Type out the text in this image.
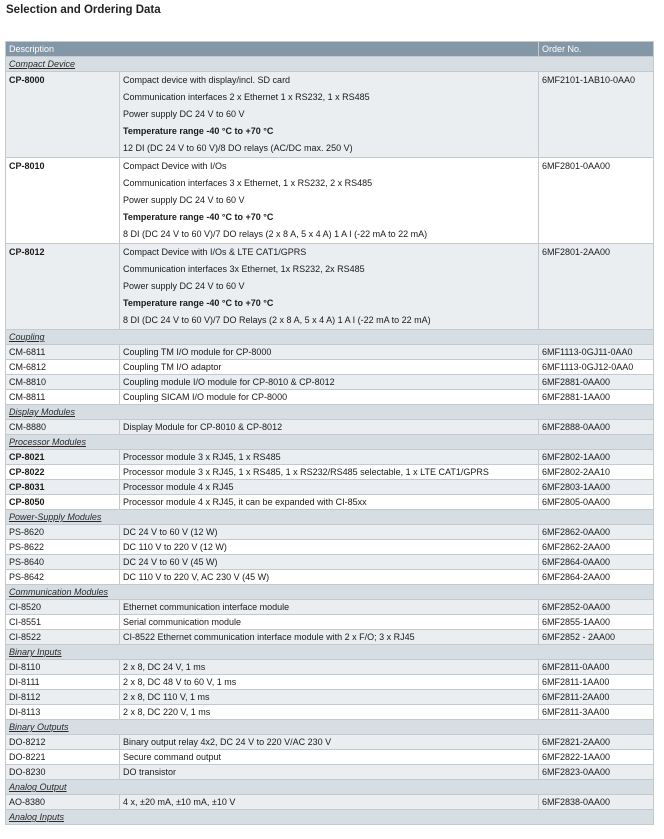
Selection and Ordering Data
Description		Order No.
Compact Device		
CP-8000	Compact device with display/incl. SD card
Communication interfaces 2 x Ethernet 1 x RS232, 1 x RS485
Power supply DC 24 V to 60 V
Temperature range -40 °C to +70 °C
12 DI (DC 24 V to 60 V)/8 DO relays (AC/DC max. 250 V)	6MF2101-1AB10-0AA0
CP-8010	Compact Device with I/Os
Communication interfaces 3 x Ethernet, 1 x RS232, 2 x RS485
Power supply DC 24 V to 60 V
Temperature range -40 °C to +70 °C
8 DI (DC 24 V to 60 V)/7 DO relays (2 x 8 A, 5 x 4 A) 1 A I (-22 mA to 22 mA)	6MF2801-0AA00
CP-8012	Compact Device with I/Os & LTE CAT1/GPRS
Communication interfaces 3x Ethernet, 1x RS232, 2x RS485
Power supply DC 24 V to 60 V
Temperature range -40 °C to +70 °C
8 DI (DC 24 V to 60 V)/7 DO Relays (2 x 8 A, 5 x 4 A) 1 A I (-22 mA to 22 mA)	6MF2801-2AA00
Coupling		
CM-6811	Coupling TM I/O module for CP-8000	6MF1113-0GJ11-0AA0
CM-6812	Coupling TM I/O adaptor	6MF1113-0GJ12-0AA0
CM-8810	Coupling module I/O module for CP-8010 & CP-8012	6MF2881-0AA00
CM-8811	Coupling SICAM I/O module for CP-8000	6MF2881-1AA00
Display Modules		
CM-8880	Display Module for CP-8010 & CP-8012	6MF2888-0AA00
Processor Modules		
CP-8021	Processor module 3 x RJ45, 1 x RS485	6MF2802-1AA00
CP-8022	Processor module 3 x RJ45, 1 x RS485, 1 x RS232/RS485 selectable, 1 x LTE CAT1/GPRS	6MF2802-2AA10
CP-8031	Processor module 4 x RJ45	6MF2803-1AA00
CP-8050	Processor module 4 x RJ45, it can be expanded with CI-85xx	6MF2805-0AA00
Power-Supply Modules		
PS-8620	DC 24 V to 60 V (12 W)	6MF2862-0AA00
PS-8622	DC 110 V to 220 V (12 W)	6MF2862-2AA00
PS-8640	DC 24 V to 60 V (45 W)	6MF2864-0AA00
PS-8642	DC 110 V to 220 V, AC 230 V (45 W)	6MF2864-2AA00
Communication Modules		
CI-8520	Ethernet communication interface module	6MF2852-0AA00
CI-8551	Serial communication module	6MF2855-1AA00
CI-8522	CI-8522 Ethernet communication interface module with 2 x F/O; 3 x RJ45	6MF2852 - 2AA00
Binary Inputs		
DI-8110	2 x 8, DC 24 V, 1 ms	6MF2811-0AA00
DI-8111	2 x 8, DC 48 V to 60 V, 1 ms	6MF2811-1AA00
DI-8112	2 x 8, DC 110 V, 1 ms	6MF2811-2AA00
DI-8113	2 x 8, DC 220 V, 1 ms	6MF2811-3AA00
Binary Outputs		
DO-8212	Binary output relay 4x2, DC 24 V to 220 V/AC 230 V	6MF2821-2AA00
DO-8221	Secure command output	6MF2822-1AA00
DO-8230	DO transistor	6MF2823-0AA00
Analog Output		
AO-8380	4 x, ±20 mA, ±10 mA, ±10 V	6MF2838-0AA00
Analog Inputs		
